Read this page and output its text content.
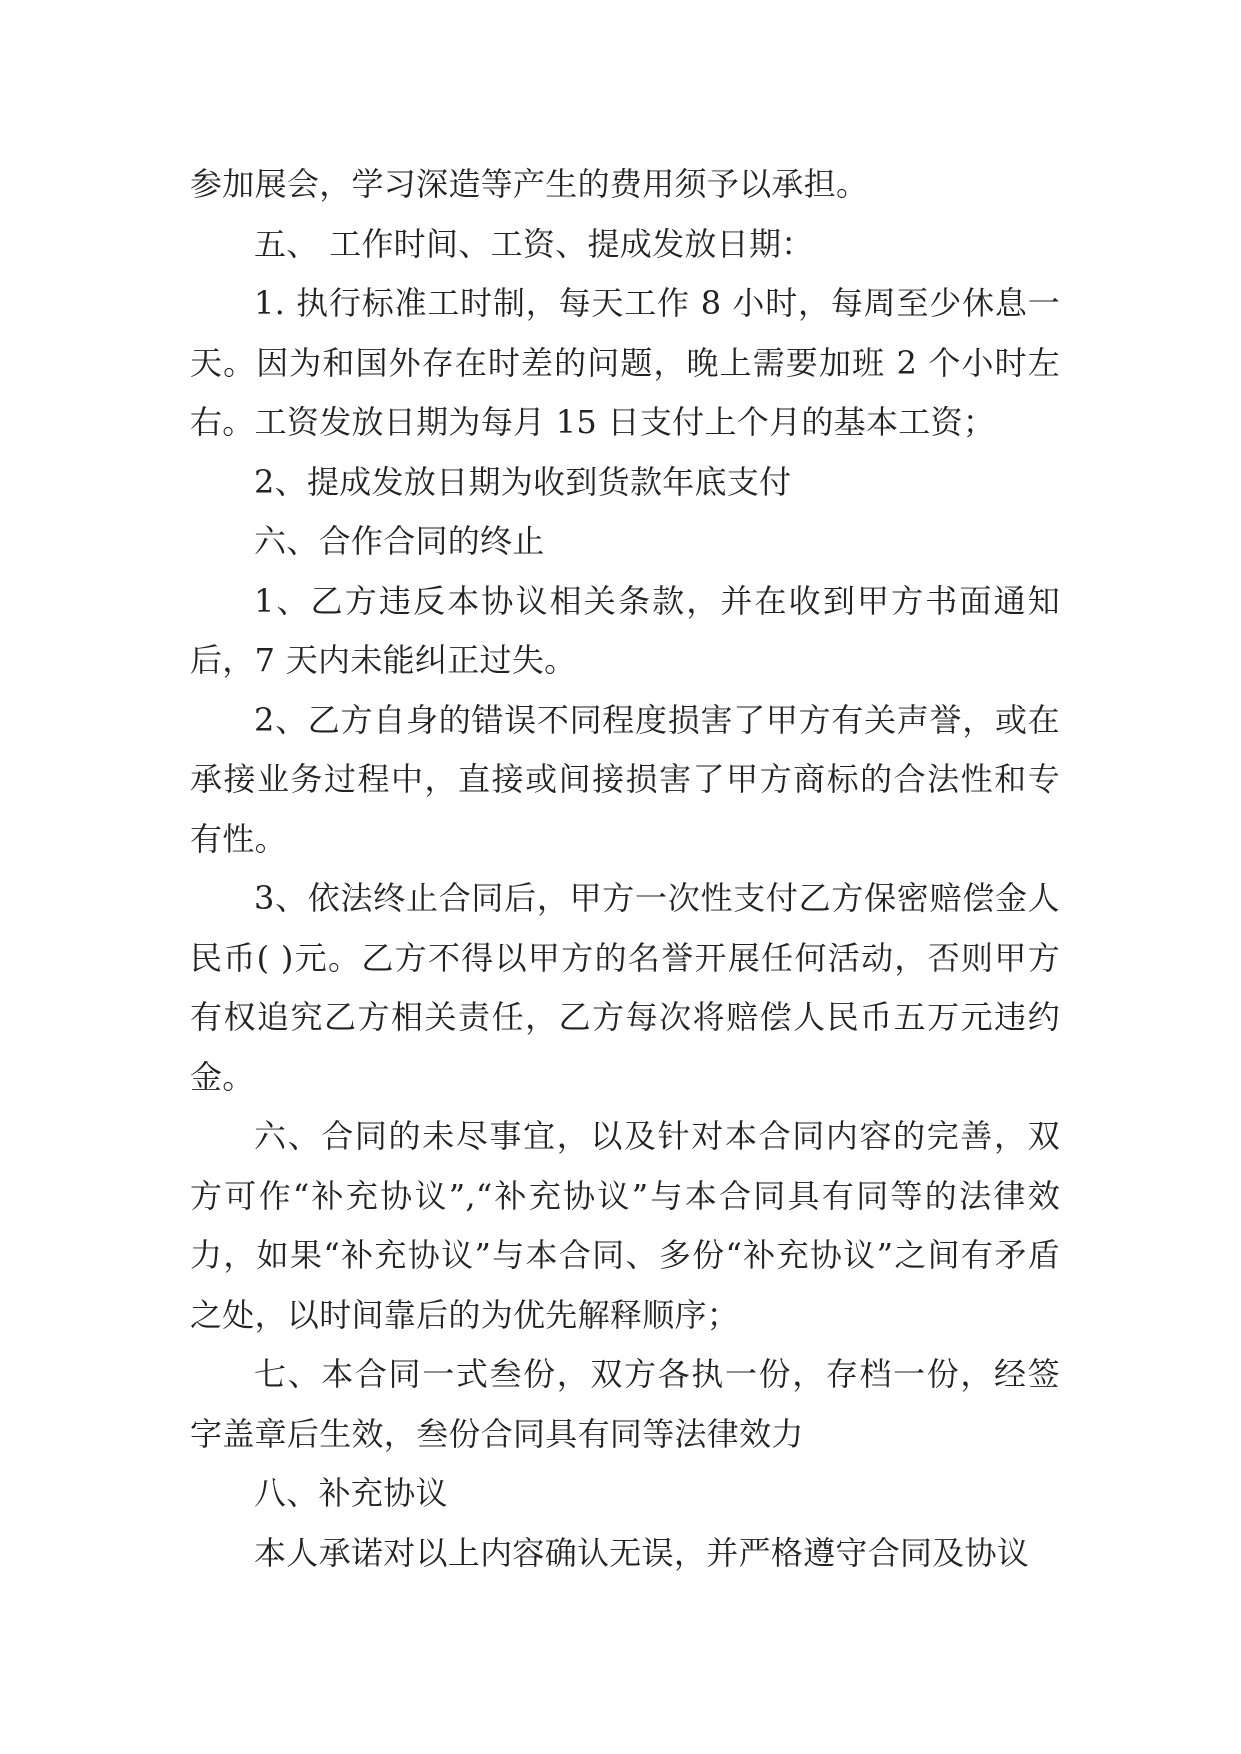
参加展会，学习深造等产生的费用须予以承担。

五、 工作时间、工资、提成发放日期：

1. 执行标准工时制，每天工作 8 小时，每周至少休息一天。因为和国外存在时差的问题，晚上需要加班 2 个小时左右。工资发放日期为每月 15 日支付上个月的基本工资；

2、提成发放日期为收到货款年底支付

六、合作合同的终止

1、乙方违反本协议相关条款，并在收到甲方书面通知后，7 天内未能纠正过失。

2、乙方自身的错误不同程度损害了甲方有关声誉，或在承接业务过程中，直接或间接损害了甲方商标的合法性和专有性。

3、依法终止合同后，甲方一次性支付乙方保密赔偿金人民币( )元。乙方不得以甲方的名誉开展任何活动，否则甲方有权追究乙方相关责任，乙方每次将赔偿人民币五万元违约金。

六、合同的未尽事宜，以及针对本合同内容的完善，双方可作“补充协议”,“补充协议”与本合同具有同等的法律效力，如果“补充协议”与本合同、多份“补充协议”之间有矛盾之处，以时间靠后的为优先解释顺序；

七、本合同一式叁份，双方各执一份，存档一份，经签字盖章后生效，叁份合同具有同等法律效力

八、补充协议

本人承诺对以上内容确认无误，并严格遵守合同及协议
